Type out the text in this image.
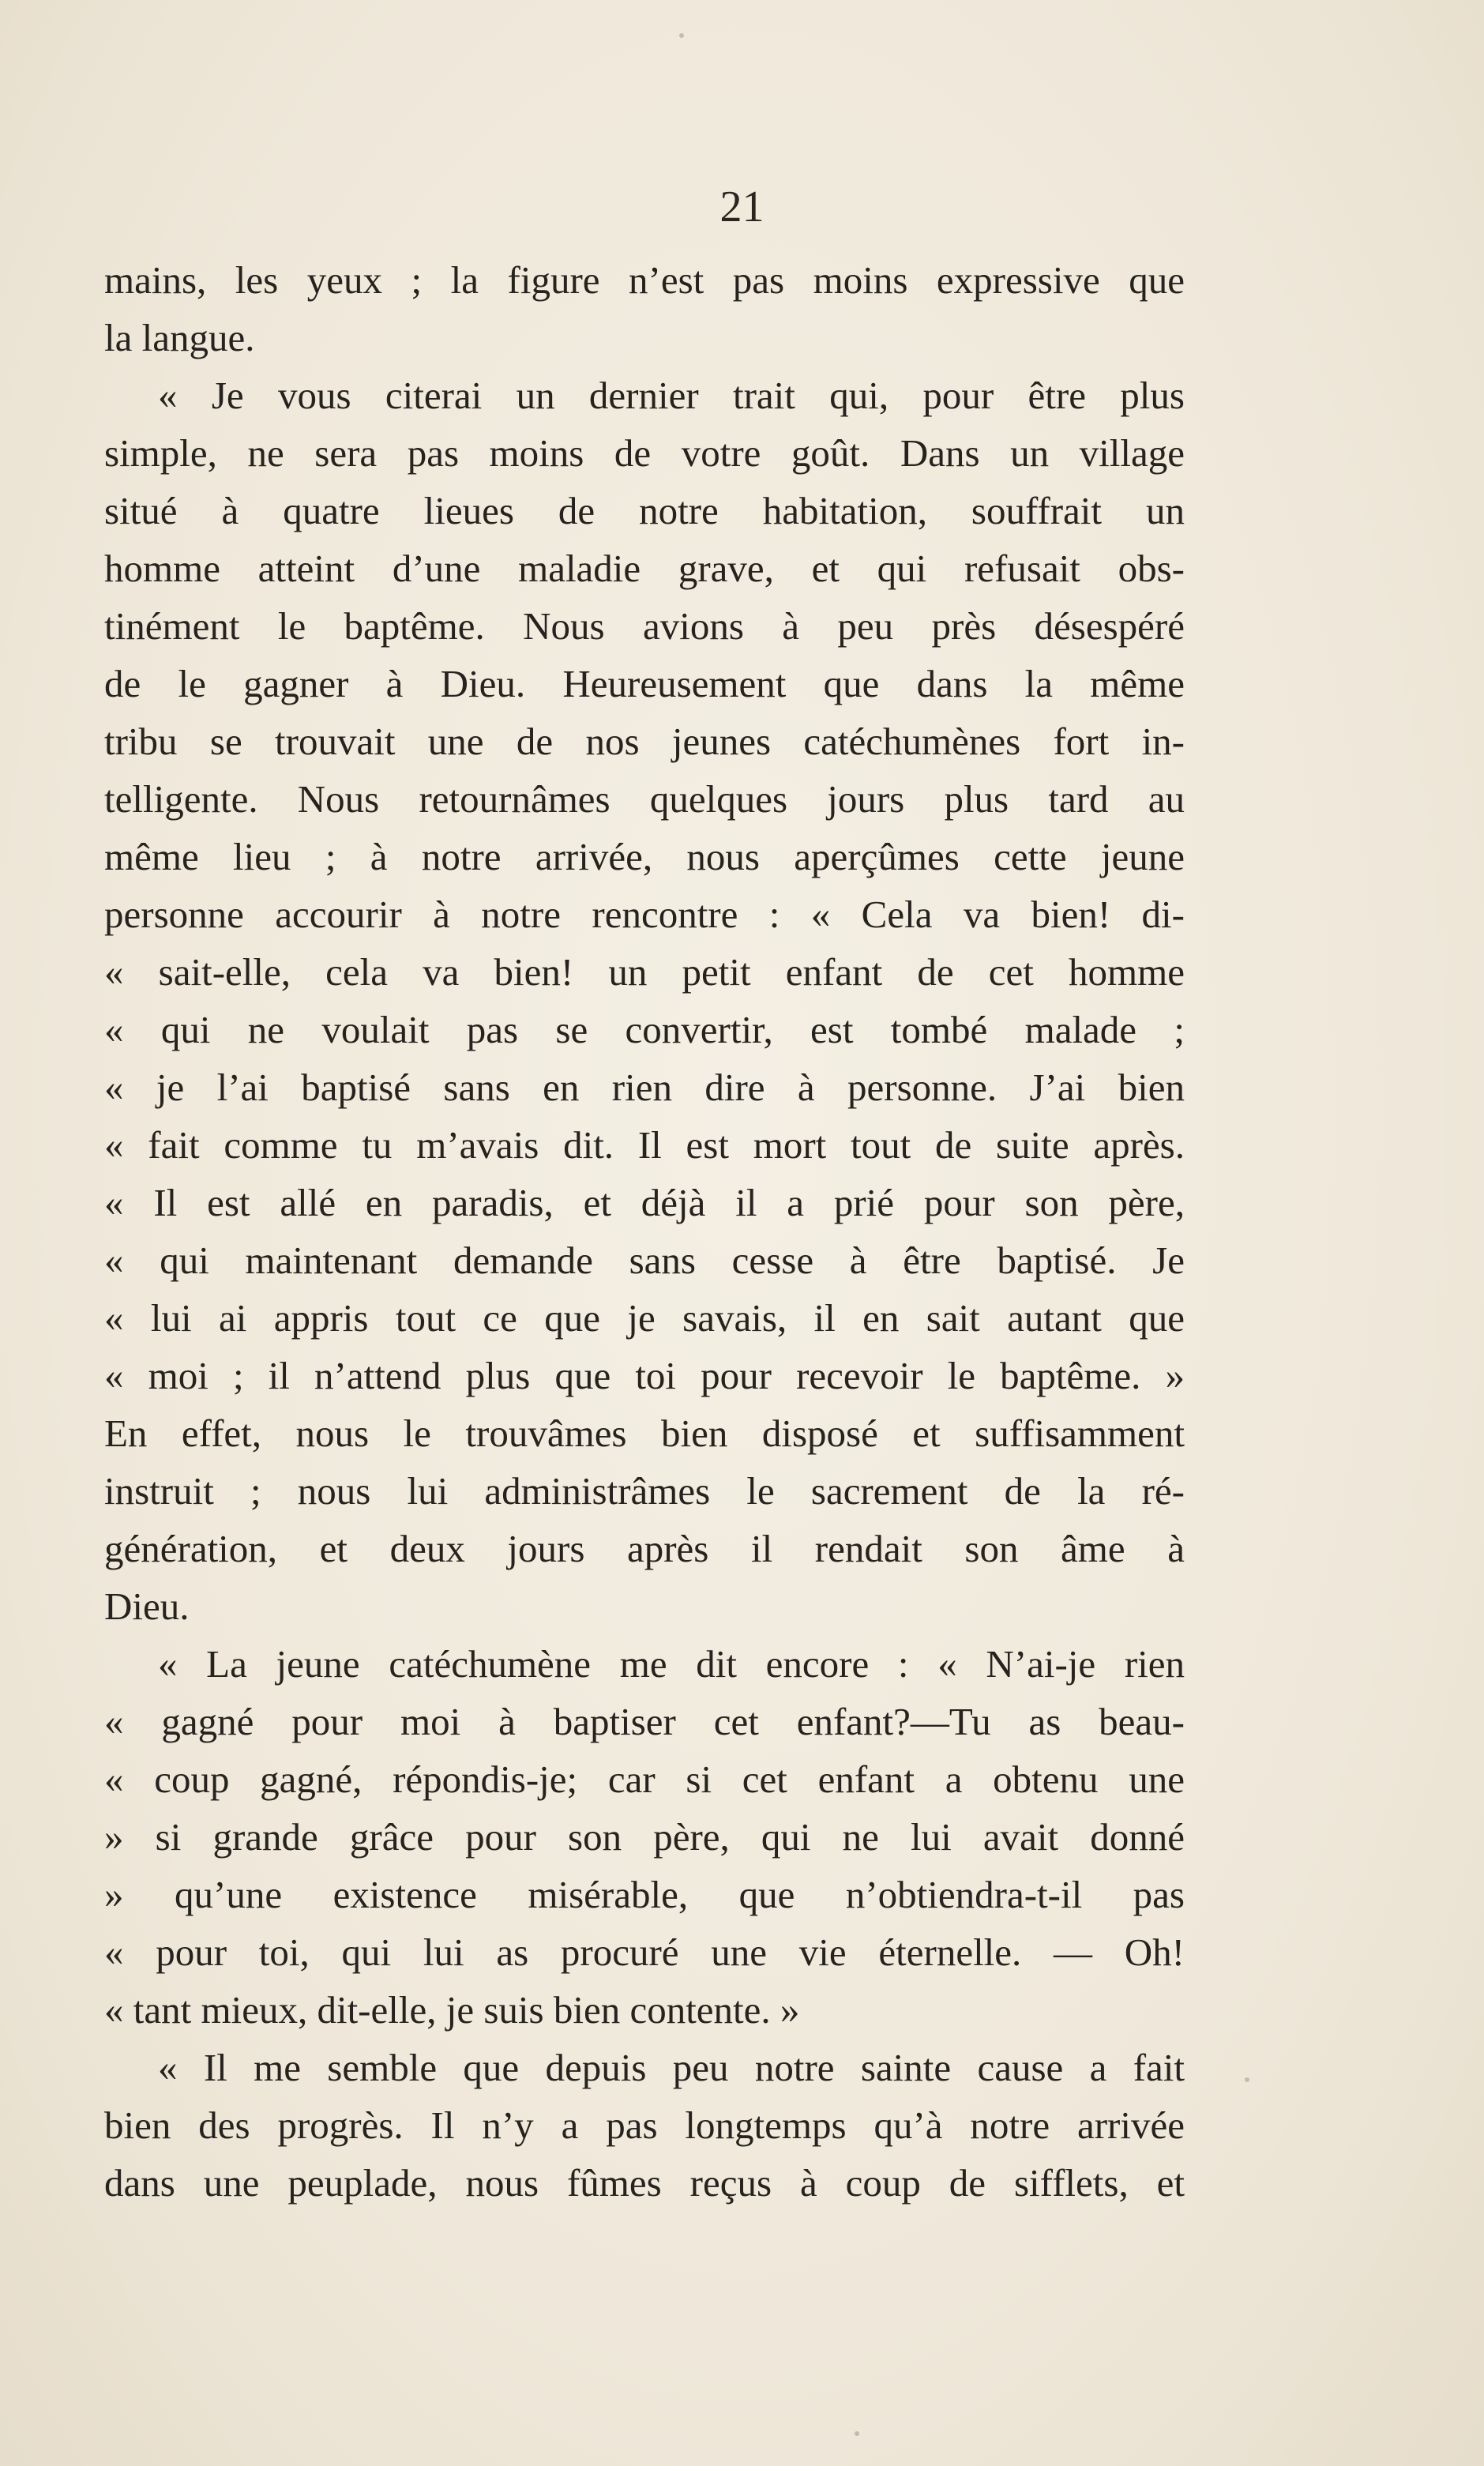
21
mains, les yeux ; la figure n’est pas moins expressive que
la langue.
« Je vous citerai un dernier trait qui, pour être plus
simple, ne sera pas moins de votre goût. Dans un village
situé à quatre lieues de notre habitation, souffrait un
homme atteint d’une maladie grave, et qui refusait obs-
tinément le baptême. Nous avions à peu près désespéré
de le gagner à Dieu. Heureusement que dans la même
tribu se trouvait une de nos jeunes catéchumènes fort in-
telligente. Nous retournâmes quelques jours plus tard au
même lieu ; à notre arrivée, nous aperçûmes cette jeune
personne accourir à notre rencontre : « Cela va bien! di-
« sait-elle, cela va bien! un petit enfant de cet homme
« qui ne voulait pas se convertir, est tombé malade ;
« je l’ai baptisé sans en rien dire à personne. J’ai bien
« fait comme tu m’avais dit. Il est mort tout de suite après.
« Il est allé en paradis, et déjà il a prié pour son père,
« qui maintenant demande sans cesse à être baptisé. Je
« lui ai appris tout ce que je savais, il en sait autant que
« moi ; il n’attend plus que toi pour recevoir le baptême. »
En effet, nous le trouvâmes bien disposé et suffisamment
instruit ; nous lui administrâmes le sacrement de la ré-
génération, et deux jours après il rendait son âme à
Dieu.
« La jeune catéchumène me dit encore : « N’ai-je rien
« gagné pour moi à baptiser cet enfant?—Tu as beau-
« coup gagné, répondis-je; car si cet enfant a obtenu une
» si grande grâce pour son père, qui ne lui avait donné
» qu’une existence misérable, que n’obtiendra-t-il pas
« pour toi, qui lui as procuré une vie éternelle. — Oh!
« tant mieux, dit-elle, je suis bien contente. »
« Il me semble que depuis peu notre sainte cause a fait
bien des progrès. Il n’y a pas longtemps qu’à notre arrivée
dans une peuplade, nous fûmes reçus à coup de sifflets, et
